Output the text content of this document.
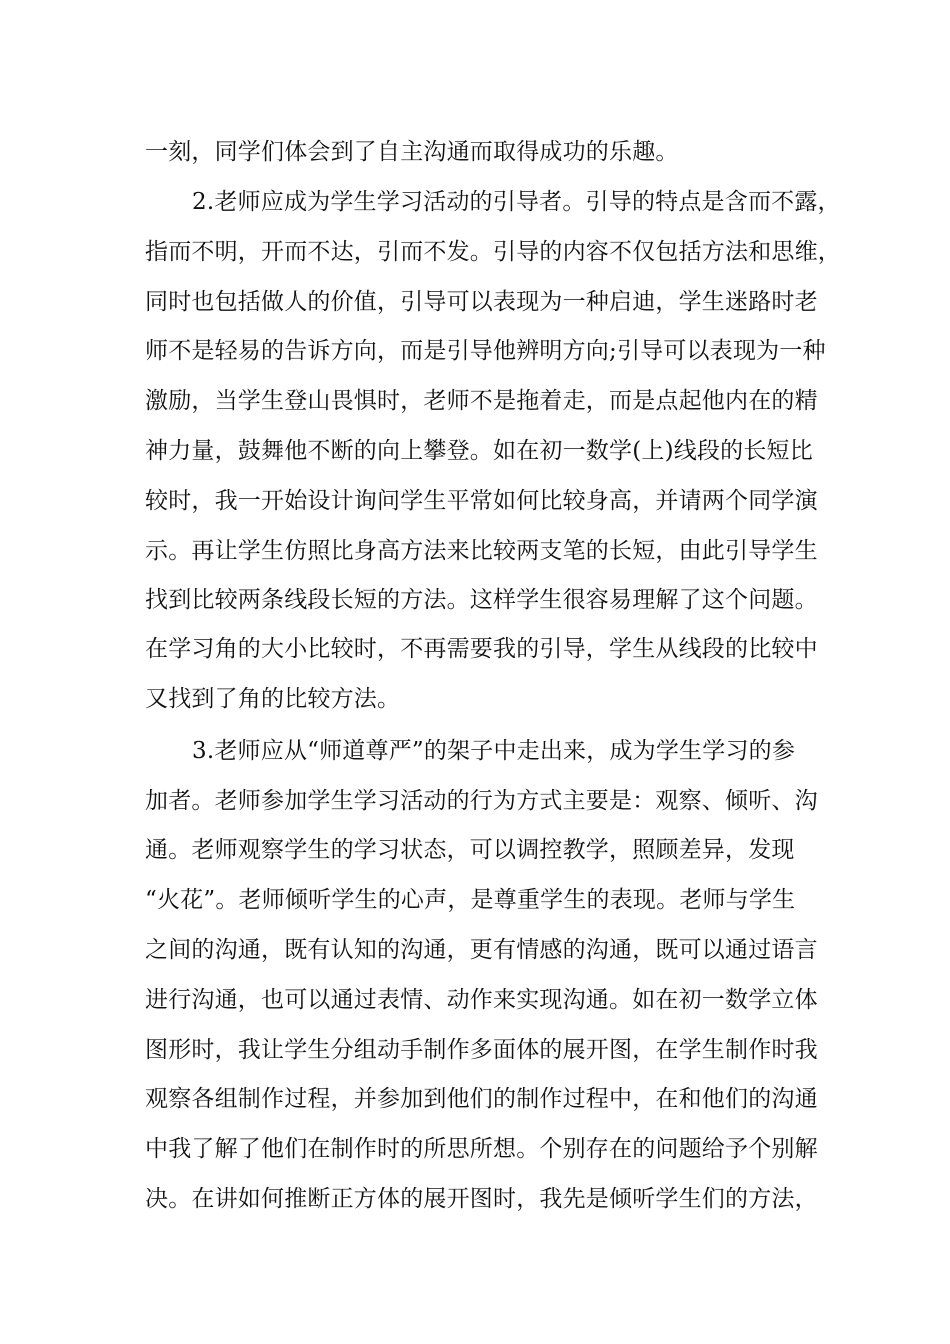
一刻，同学们体会到了自主沟通而取得成功的乐趣。
2.老师应成为学生学习活动的引导者。引导的特点是含而不露，
指而不明，开而不达，引而不发。引导的内容不仅包括方法和思维，
同时也包括做人的价值，引导可以表现为一种启迪，学生迷路时老
师不是轻易的告诉方向，而是引导他辨明方向;引导可以表现为一种
激励，当学生登山畏惧时，老师不是拖着走，而是点起他内在的精
神力量，鼓舞他不断的向上攀登。如在初一数学(上)线段的长短比
较时，我一开始设计询问学生平常如何比较身高，并请两个同学演
示。再让学生仿照比身高方法来比较两支笔的长短，由此引导学生
找到比较两条线段长短的方法。这样学生很容易理解了这个问题。
在学习角的大小比较时，不再需要我的引导，学生从线段的比较中
又找到了角的比较方法。
3.老师应从“师道尊严”的架子中走出来，成为学生学习的参
加者。老师参加学生学习活动的行为方式主要是：观察、倾听、沟
通。老师观察学生的学习状态，可以调控教学，照顾差异，发现
“火花”。老师倾听学生的心声，是尊重学生的表现。老师与学生
之间的沟通，既有认知的沟通，更有情感的沟通，既可以通过语言
进行沟通，也可以通过表情、动作来实现沟通。如在初一数学立体
图形时，我让学生分组动手制作多面体的展开图，在学生制作时我
观察各组制作过程，并参加到他们的制作过程中，在和他们的沟通
中我了解了他们在制作时的所思所想。个别存在的问题给予个别解
决。在讲如何推断正方体的展开图时，我先是倾听学生们的方法，
